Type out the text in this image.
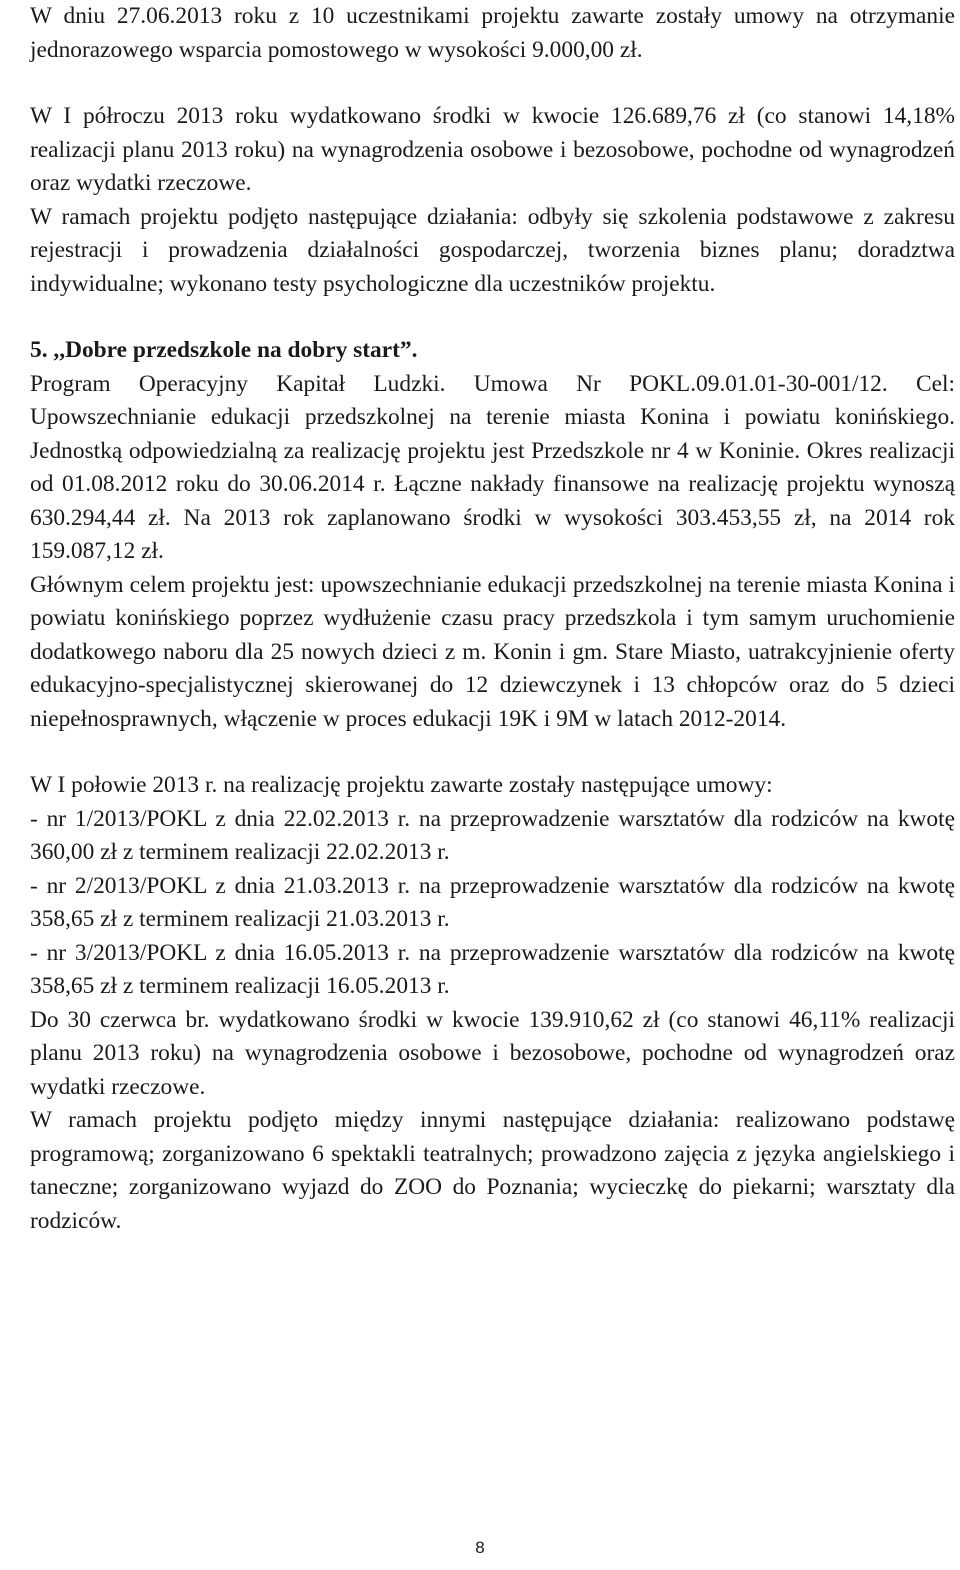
W dniu 27.06.2013 roku z 10 uczestnikami projektu zawarte zostały umowy na otrzymanie jednorazowego wsparcia pomostowego w wysokości 9.000,00 zł.

W I półroczu 2013 roku wydatkowano środki w kwocie 126.689,76 zł (co stanowi 14,18% realizacji planu 2013 roku) na wynagrodzenia osobowe i bezosobowe, pochodne od wynagrodzeń oraz wydatki rzeczowe.

W ramach projektu podjęto następujące działania: odbyły się szkolenia podstawowe z zakresu rejestracji i prowadzenia działalności gospodarczej, tworzenia biznes planu; doradztwa indywidualne; wykonano testy psychologiczne dla uczestników projektu.

5. ,,Dobre przedszkole na dobry start”.

Program Operacyjny Kapitał Ludzki. Umowa Nr POKL.09.01.01-30-001/12. Cel: Upowszechnianie edukacji przedszkolnej na terenie miasta Konina i powiatu konińskiego. Jednostką odpowiedzialną za realizację projektu jest Przedszkole nr 4 w Koninie. Okres realizacji od 01.08.2012 roku do 30.06.2014 r. Łączne nakłady finansowe na realizację projektu wynoszą 630.294,44 zł. Na 2013 rok zaplanowano środki w wysokości 303.453,55 zł, na 2014 rok 159.087,12 zł.

Głównym celem projektu jest: upowszechnianie edukacji przedszkolnej na terenie miasta Konina i powiatu konińskiego poprzez wydłużenie czasu pracy przedszkola i tym samym uruchomienie dodatkowego naboru dla 25 nowych dzieci z m. Konin i gm. Stare Miasto, uatrakcyjnienie oferty edukacyjno-specjalistycznej skierowanej do 12 dziewczynek i 13 chłopców oraz do 5 dzieci niepełnosprawnych, włączenie w proces edukacji 19K i 9M w latach 2012-2014.

W I połowie 2013 r. na realizację projektu zawarte zostały następujące umowy:

- nr 1/2013/POKL z dnia 22.02.2013 r. na przeprowadzenie warsztatów dla rodziców na kwotę 360,00 zł z terminem realizacji 22.02.2013 r.

- nr 2/2013/POKL z dnia 21.03.2013 r. na przeprowadzenie warsztatów dla rodziców na kwotę 358,65 zł z terminem realizacji 21.03.2013 r.

- nr 3/2013/POKL z dnia 16.05.2013 r. na przeprowadzenie warsztatów dla rodziców na kwotę 358,65 zł z terminem realizacji 16.05.2013 r.

Do 30 czerwca br. wydatkowano środki w kwocie 139.910,62 zł (co stanowi 46,11% realizacji planu 2013 roku) na wynagrodzenia osobowe i bezosobowe, pochodne od wynagrodzeń oraz wydatki rzeczowe.

W ramach projektu podjęto między innymi następujące działania: realizowano podstawę programową; zorganizowano 6 spektakli teatralnych; prowadzono zajęcia z języka angielskiego i taneczne; zorganizowano wyjazd do ZOO do Poznania; wycieczkę do piekarni; warsztaty dla rodziców.

8
